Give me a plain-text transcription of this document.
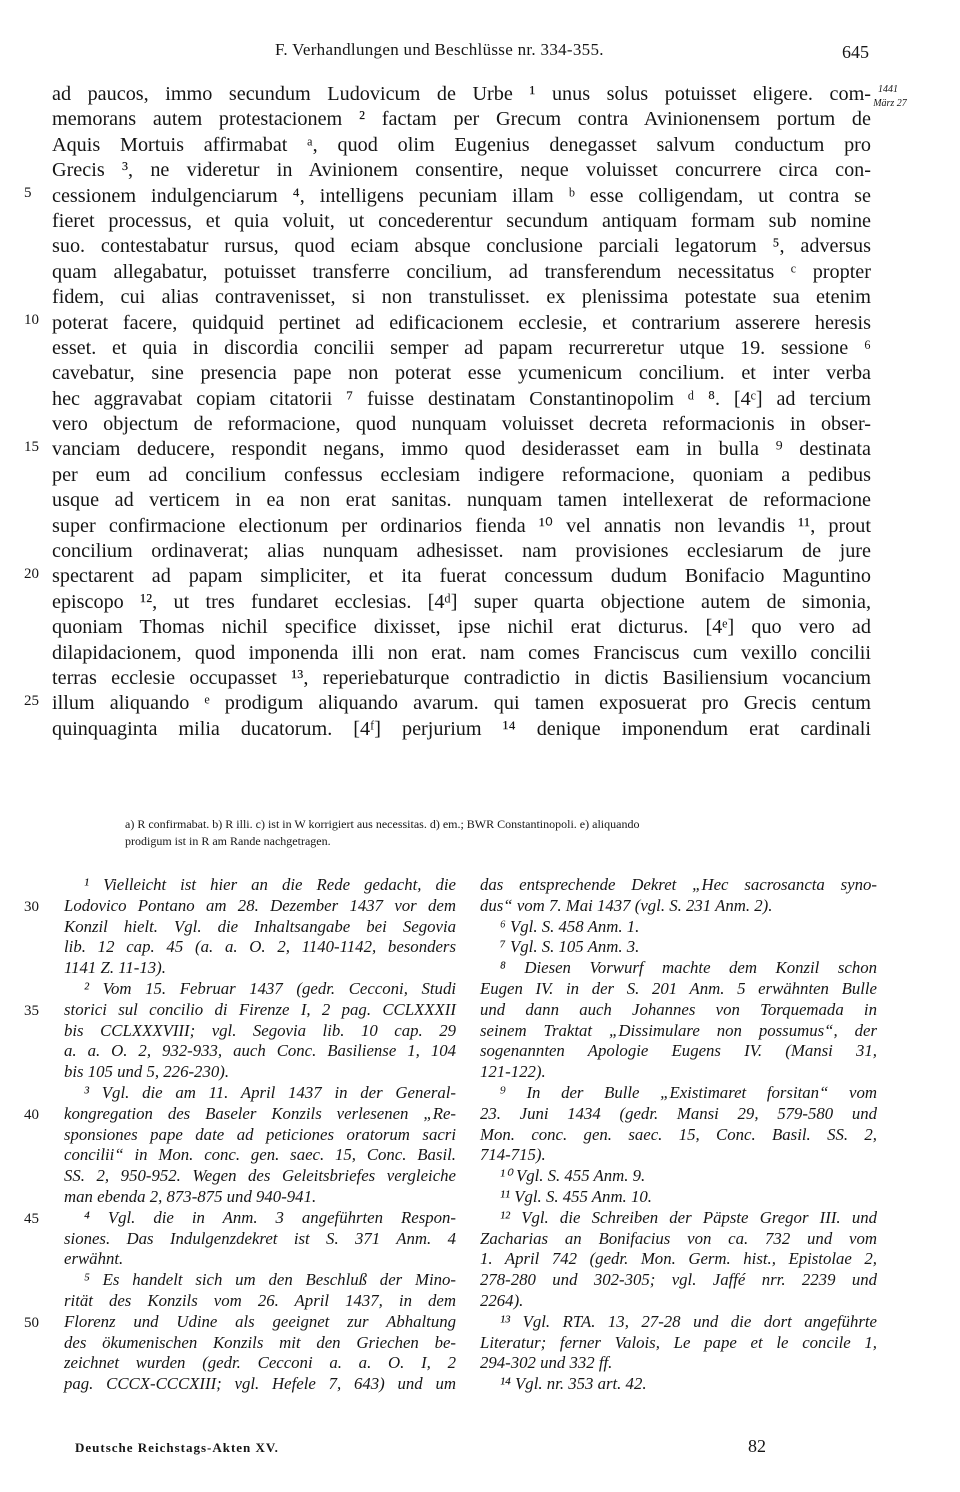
F. Verhandlungen und Beschlüsse nr. 334-355.	645
1441
März 27
5
10
15
20
25
ad paucos, immo secundum Ludovicum de Urbe ¹ unus solus potuisset eligere. com-
memorans autem protestacionem ² factam per Grecum contra Avinionensem portum de
Aquis Mortuis affirmabat ᵃ, quod olim Eugenius denegasset salvum conductum pro
Grecis ³, ne videretur in Avinionem consentire, neque voluisset concurrere circa con-
cessionem indulgenciarum ⁴, intelligens pecuniam illam ᵇ esse colligendam, ut contra se
fieret processus, et quia voluit, ut concederentur secundum antiquam formam sub nomine
suo. contestabatur rursus, quod eciam absque conclusione parciali legatorum ⁵, adversus
quam allegabatur, potuisset transferre concilium, ad transferendum necessitatus ᶜ propter
fidem, cui alias contravenisset, si non transtulisset. ex plenissima potestate sua etenim
poterat facere, quidquid pertinet ad edificacionem ecclesie, et contrarium asserere heresis
esset. et quia in discordia concilii semper ad papam recurreretur utque 19. sessione ⁶
cavebatur, sine presencia pape non poterat esse ycumenicum concilium. et inter verba
hec aggravabat copiam citatorii ⁷ fuisse destinatam Constantinopolim ᵈ ⁸. [4ᶜ] ad tercium
vero objectum de reformacione, quod nunquam voluisset decreta reformacionis in obser-
vanciam deducere, respondit negans, immo quod desiderasset eam in bulla ⁹ destinata
per eum ad concilium confessus ecclesiam indigere reformacione, quoniam a pedibus
usque ad verticem in ea non erat sanitas. nunquam tamen intellexerat de reformacione
super confirmacione electionum per ordinarios fienda ¹⁰ vel annatis non levandis ¹¹, prout
concilium ordinaverat; alias nunquam adhesisset. nam provisiones ecclesiarum de jure
spectarent ad papam simpliciter, et ita fuerat concessum dudum Bonifacio Maguntino
episcopo ¹², ut tres fundaret ecclesias. [4ᵈ] super quarta objectione autem de simonia,
quoniam Thomas nichil specifice dixisset, ipse nichil erat dicturus. [4ᵉ] quo vero ad
dilapidacionem, quod imponenda illi non erat. nam comes Franciscus cum vexillo concilii
terras ecclesie occupasset ¹³, reperiebaturque contradictio in dictis Basiliensium vocancium
illum aliquando ᵉ prodigum aliquando avarum. qui tamen exposuerat pro Grecis centum
quinquaginta milia ducatorum. [4ᶠ] perjurium ¹⁴ denique imponendum erat cardinali
a) R confirmabat. b) R illi. c) ist in W korrigiert aus necessitas. d) em.; BWR Constantinopoli. e) aliquando
prodigum ist in R am Rande nachgetragen.
30
35
40
45
50
¹ Vielleicht ist hier an die Rede gedacht, die
Lodovico Pontano am 28. Dezember 1437 vor dem
Konzil hielt. Vgl. die Inhaltsangabe bei Segovia
lib. 12 cap. 45 (a. a. O. 2, 1140-1142, besonders
1141 Z. 11-13).
² Vom 15. Februar 1437 (gedr. Cecconi, Studi
storici sul concilio di Firenze I, 2 pag. CCLXXXII
bis CCLXXXVIII; vgl. Segovia lib. 10 cap. 29
a. a. O. 2, 932-933, auch Conc. Basiliense 1, 104
bis 105 und 5, 226-230).
³ Vgl. die am 11. April 1437 in der General-
kongregation des Baseler Konzils verlesenen „Re-
sponsiones pape date ad peticiones oratorum sacri
concilii“ in Mon. conc. gen. saec. 15, Conc. Basil.
SS. 2, 950-952. Wegen des Geleitsbriefes vergleiche
man ebenda 2, 873-875 und 940-941.
⁴ Vgl. die in Anm. 3 angeführten Respon-
siones. Das Indulgenzdekret ist S. 371 Anm. 4
erwähnt.
⁵ Es handelt sich um den Beschluß der Mino-
rität des Konzils vom 26. April 1437, in dem
Florenz und Udine als geeignet zur Abhaltung
des ökumenischen Konzils mit den Griechen be-
zeichnet wurden (gedr. Cecconi a. a. O. I, 2
pag. CCCX-CCCXIII; vgl. Hefele 7, 643) und um
das entsprechende Dekret „Hec sacrosancta syno-
dus“ vom 7. Mai 1437 (vgl. S. 231 Anm. 2).
⁶ Vgl. S. 458 Anm. 1.
⁷ Vgl. S. 105 Anm. 3.
⁸ Diesen Vorwurf machte dem Konzil schon
Eugen IV. in der S. 201 Anm. 5 erwähnten Bulle
und dann auch Johannes von Torquemada in
seinem Traktat „Dissimulare non possumus“, der
sogenannten Apologie Eugens IV. (Mansi 31,
121-122).
⁹ In der Bulle „Existimaret forsitan“ vom
23. Juni 1434 (gedr. Mansi 29, 579-580 und
Mon. conc. gen. saec. 15, Conc. Basil. SS. 2,
714-715).
¹⁰ Vgl. S. 455 Anm. 9.
¹¹ Vgl. S. 455 Anm. 10.
¹² Vgl. die Schreiben der Päpste Gregor III. und
Zacharias an Bonifacius von ca. 732 und vom
1. April 742 (gedr. Mon. Germ. hist., Epistolae 2,
278-280 und 302-305; vgl. Jaffé nrr. 2239 und
2264).
¹³ Vgl. RTA. 13, 27-28 und die dort angeführte
Literatur; ferner Valois, Le pape et le concile 1,
294-302 und 332 ff.
¹⁴ Vgl. nr. 353 art. 42.
Deutsche Reichstags-Akten XV.	82
